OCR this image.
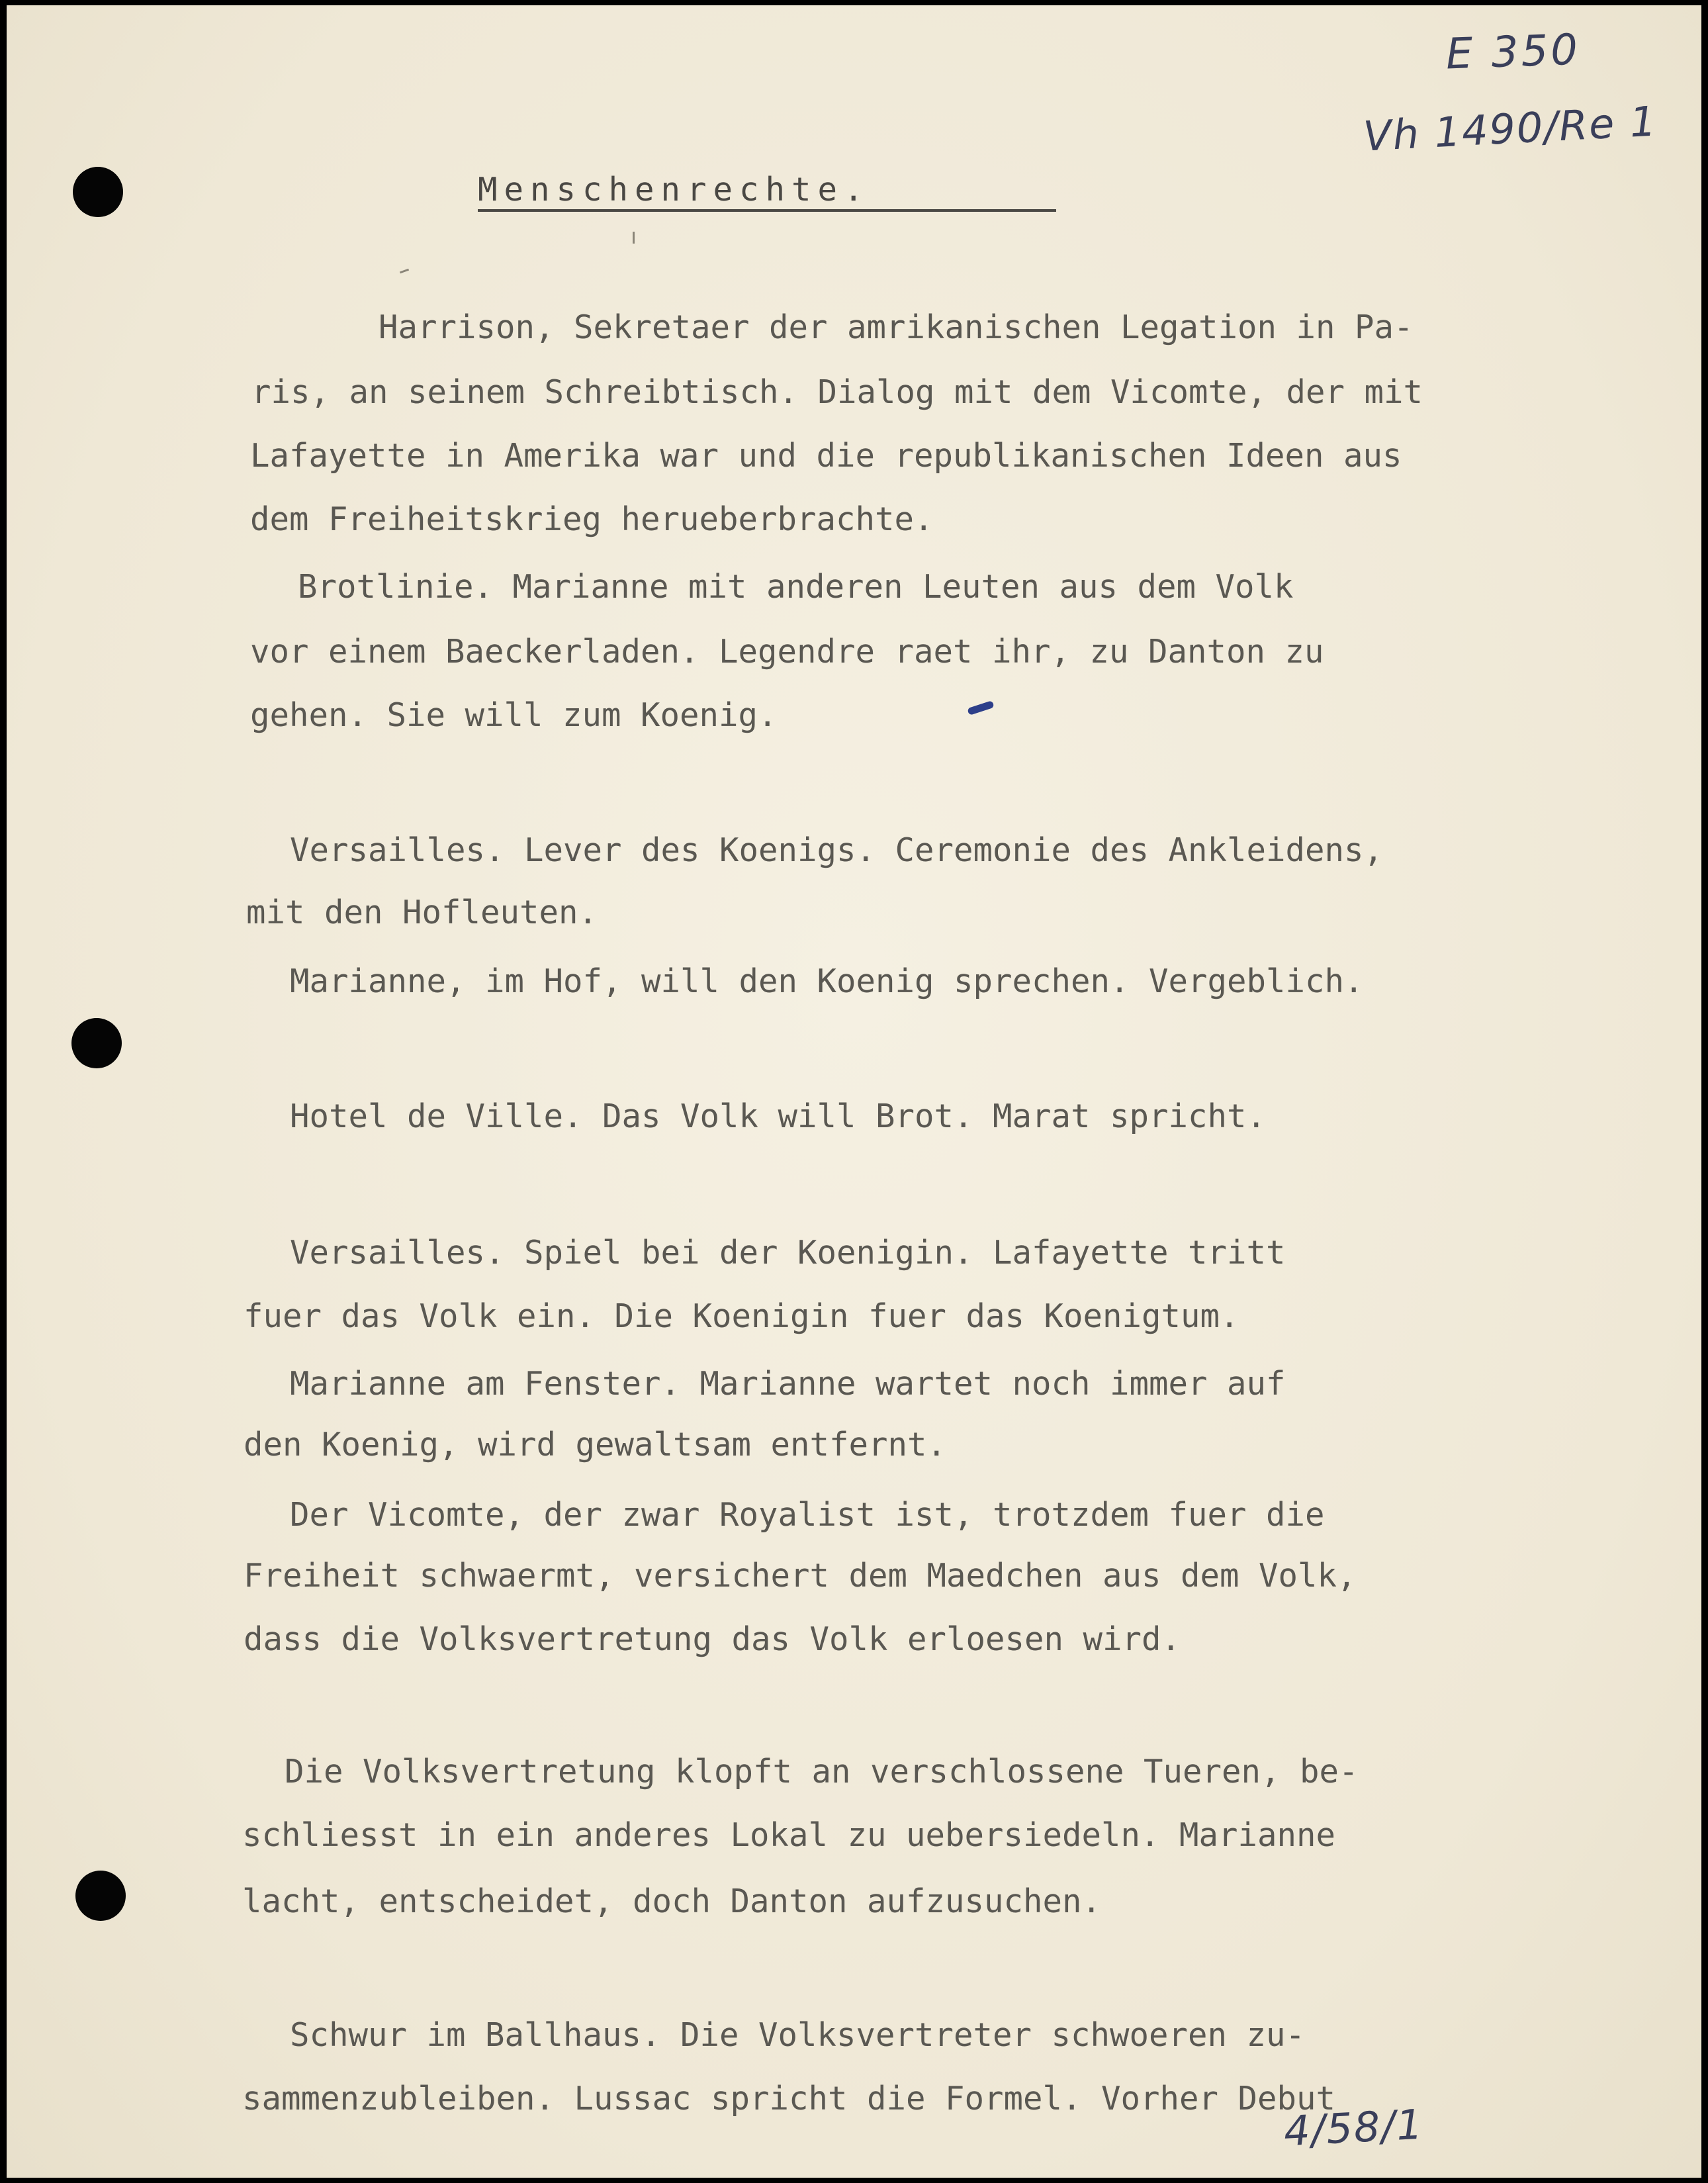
E 350
Vh 1490/Re 1
4/58/1
Menschenrechte.
Harrison, Sekretaer der amrikanischen Legation in Pa-
ris, an seinem Schreibtisch. Dialog mit dem Vicomte, der mit
Lafayette in Amerika war und die republikanischen Ideen aus
dem Freiheitskrieg herueberbrachte.
Brotlinie. Marianne mit anderen Leuten aus dem Volk
vor einem Baeckerladen. Legendre raet ihr, zu Danton zu
gehen. Sie will zum Koenig.
Versailles. Lever des Koenigs. Ceremonie des Ankleidens,
mit den Hofleuten.
Marianne, im Hof, will den Koenig sprechen. Vergeblich.
Hotel de Ville. Das Volk will Brot. Marat spricht.
Versailles. Spiel bei der Koenigin. Lafayette tritt
fuer das Volk ein. Die Koenigin fuer das Koenigtum.
Marianne am Fenster. Marianne wartet noch immer auf
den Koenig, wird gewaltsam entfernt.
Der Vicomte, der zwar Royalist ist, trotzdem fuer die
Freiheit schwaermt, versichert dem Maedchen aus dem Volk,
dass die Volksvertretung das Volk erloesen wird.
Die Volksvertretung klopft an verschlossene Tueren, be-
schliesst in ein anderes Lokal zu uebersiedeln. Marianne
lacht, entscheidet, doch Danton aufzusuchen.
Schwur im Ballhaus. Die Volksvertreter schwoeren zu-
sammenzubleiben. Lussac spricht die Formel. Vorher Debut
